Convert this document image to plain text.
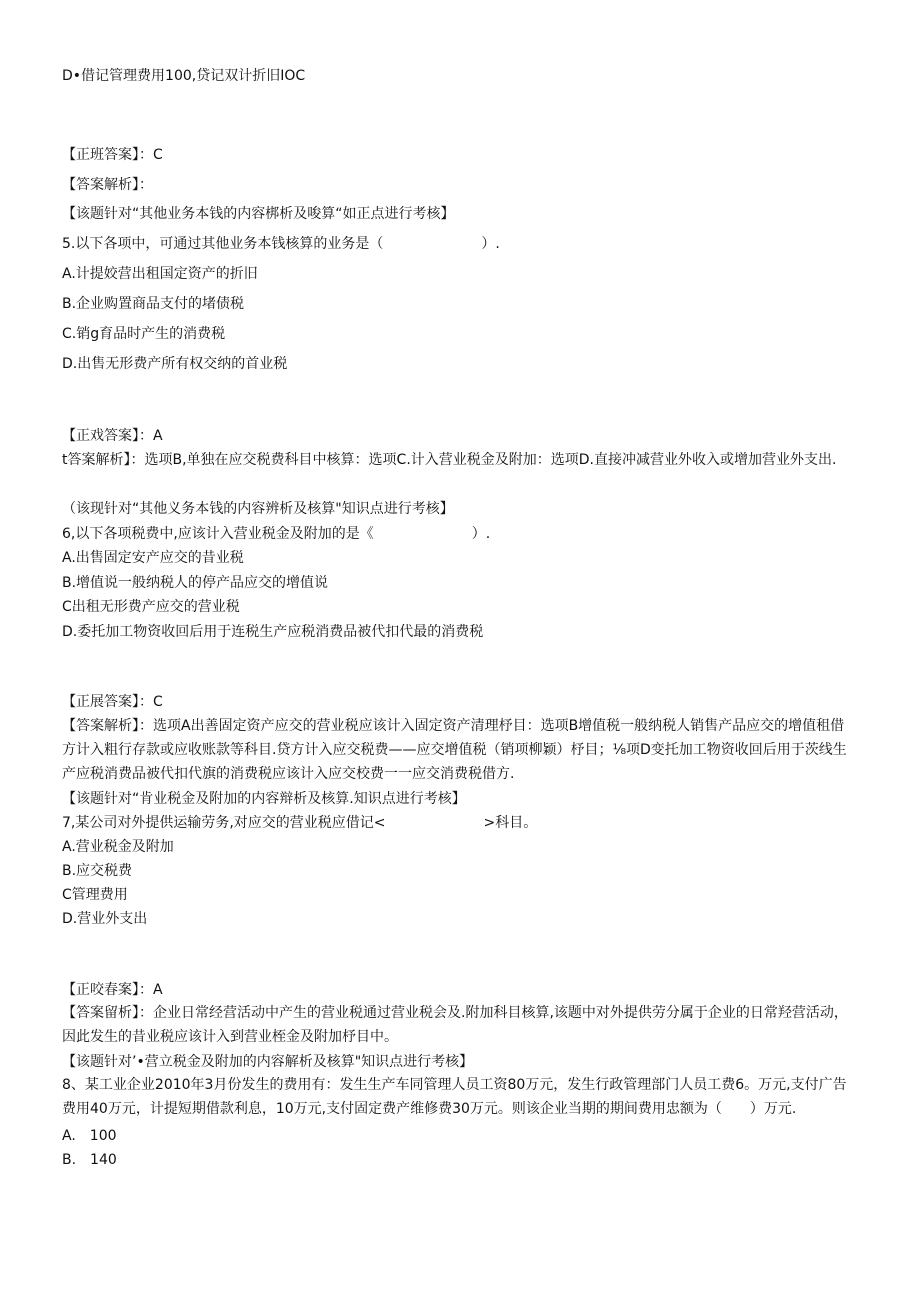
D•借记管理费用100,贷记双计折旧IOC
【正班答案】：C
【答案解析】：
【该题针对“其他业务本钱的内容梆析及唆算“如正点进行考核】
5.以下各项中，可通过其他业务本钱核算的业务是（　　　　　　　）.
A.计提姣营出租国定资产的折旧
B.企业购置商品支付的堵债税
C.销g育品时产生的消费税
D.出售无形费产所有权交纳的首业税
【正戏答案】：A
t答案解析】：选项B,单独在应交税费科目中核算：选项C.计入营业税金及附加：选项D.直接冲减营业外收入或增加营业外支出.
（该现针对“其他义务本钱的内容辨析及核算"知识点进行考核】
6,以下各项税费中,应该计入营业税金及附加的是《　　　　　　　）.
A.出售固定安产应交的昔业税
B.增值说一般纳税人的停产品应交的增值说
C出租无形费产应交的营业税
D.委托加工物资收回后用于连税生产应税消费品被代扣代最的消费税
【正展答案】：C
【答案解析】：选项A出善固定资产应交的营业税应该计入固定资产清理杼目：选项B增值税一般纳税人销售产品应交的增值租借方计入粗行存款或应收账款等科目.贷方计入应交税费——应交增值税（销项柳颖）杼目；⅛项D变托加工物资收回后用于茨线生产应税消费品被代扣代旗的消费税应该计入应交校费一一应交消费税借方.
【该题针对“肯业税金及附加的内容辩析及核算.知识点进行考核】
7,某公司对外提供运输劳务,对应交的营业税应借记<　　　　　　　>科目。
A.营业税金及附加
B.应交税费
C管理费用
D.营业外支出
【正咬春案】：A
【答案留析】：企业日常经营活动中产生的营业税通过营业税会及.附加科目核算,该题中对外提供劳分属于企业的日常羟营活动，因此发生的昔业税应该计入到营业桎金及附加杼目中。
【该题针对’•营立税金及附加的内容解析及核算"知识点进行考核】
8、某工业企业2010年3月份发生的费用有：发生生产车同管理人员工资80万元，发生行政管理部门人员工费6。万元,支付广告费用40万元，计提短期借款利息，10万元,支付固定费产维修费30万元。则该企业当期的期间费用忠额为（　　）万元.
A.　100
B.　140
